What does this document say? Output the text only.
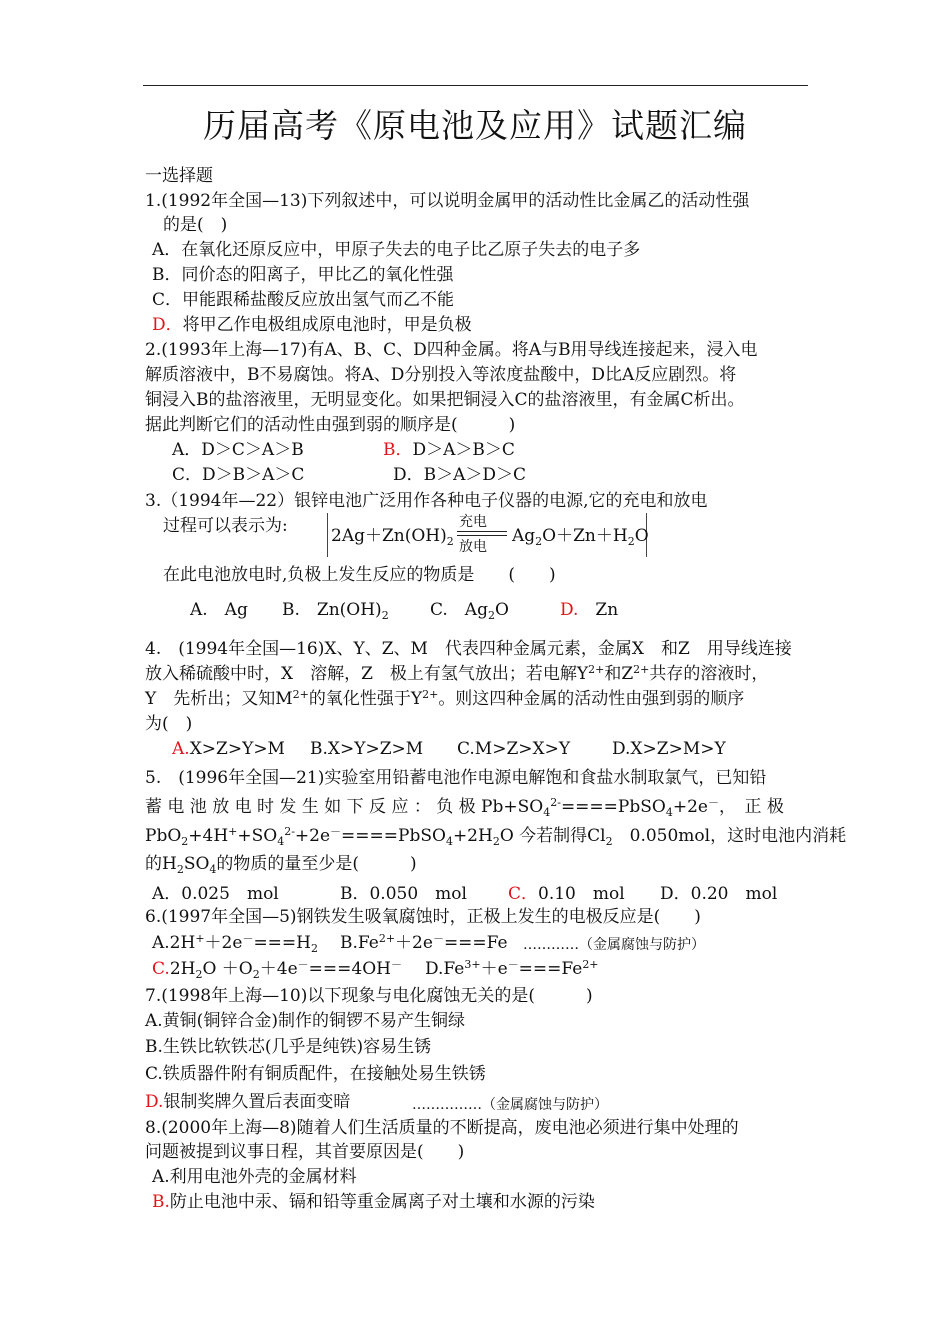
历届高考《原电池及应用》试题汇编
一选择题
1.(1992年全国—13)下列叙述中，可以说明金属甲的活动性比金属乙的活动性强
的是(　)
A．在氧化还原反应中，甲原子失去的电子比乙原子失去的电子多
B．同价态的阳离子，甲比乙的氧化性强
C．甲能跟稀盐酸反应放出氢气而乙不能
D．将甲乙作电极组成原电池时，甲是负极
2.(1993年上海—17)有A、B、C、D四种金属。将A与B用导线连接起来，浸入电
解质溶液中，B不易腐蚀。将A、D分别投入等浓度盐酸中，D比A反应剧烈。将
铜浸入B的盐溶液里，无明显变化。如果把铜浸入C的盐溶液里，有金属C析出。
据此判断它们的活动性由强到弱的顺序是(　　　)
A．D＞C＞A＞B	B．D＞A＞B＞C
C．D＞B＞A＞C	D．B＞A＞D＞C
3.（1994年—22）银锌电池广泛用作各种电子仪器的电源,它的充电和放电
过程可以表示为:	$2Ag+Zn(OH)_2$
充电
放电
$Ag_2O+Zn+H_2O$
在此电池放电时,负极上发生反应的物质是　　(　　)
A.　Ag B.　$Zn(OH)_2$ C.　$Ag_2O$	D.　Zn
4.　(1994年全国—16)X、Y、Z、M　代表四种金属元素，金属X　和Z　用导线连接
放入稀硫酸中时，X　溶解，Z　极上有氢气放出；若电解$Y^{2+}$和$Z^{2+}$共存的溶液时，
Y　先析出；又知$M^{2+}$的氧化性强于$Y^{2+}$。则这四种金属的活动性由强到弱的顺序
为(　)
A.X>Z>Y>M B.X>Y>Z>M C.M>Z>X>Y D.X>Z>M>Y
5.　(1996年全国—21)实验室用铅蓄电池作电源电解饱和食盐水制取氯气，已知铅
蓄 电 池 放 电 时 发 生 如 下 反 应 ： 负 极 $Pb+SO_4^{2-}====PbSO_4+2e^-$，　正 极
$PbO_2+4H^++SO_4^{2-}+2e^-====PbSO_4+2H_2O$ 今若制得$Cl_2$　0.050mol，这时电池内消耗
的$H_2SO_4$的物质的量至少是(　　　)
A．0.025　mol	B．0.050　mol C．0.10　mol D．0.20　mol
6.(1997年全国—5)钢铁发生吸氧腐蚀时，正极上发生的电极反应是(　　)
$A.2H^++2e^-===H_2$ $B.Fe^{2+}+2e^-===Fe$ …………（金属腐蚀与防护）
$C.2H_2O +O_2+4e^-===4OH^-$ $D.Fe^{3+}+e^-===Fe^{2+}$
7.(1998年上海—10)以下现象与电化腐蚀无关的是(　　　)
A.黄铜(铜锌合金)制作的铜锣不易产生铜绿
B.生铁比软铁芯(几乎是纯铁)容易生锈
C.铁质器件附有铜质配件，在接触处易生铁锈
D.银制奖牌久置后表面变暗	……………（金属腐蚀与防护）
8.(2000年上海—8)随着人们生活质量的不断提高，废电池必须进行集中处理的
问题被提到议事日程，其首要原因是(　　)
A.利用电池外壳的金属材料
B.防止电池中汞、镉和铅等重金属离子对土壤和水源的污染
